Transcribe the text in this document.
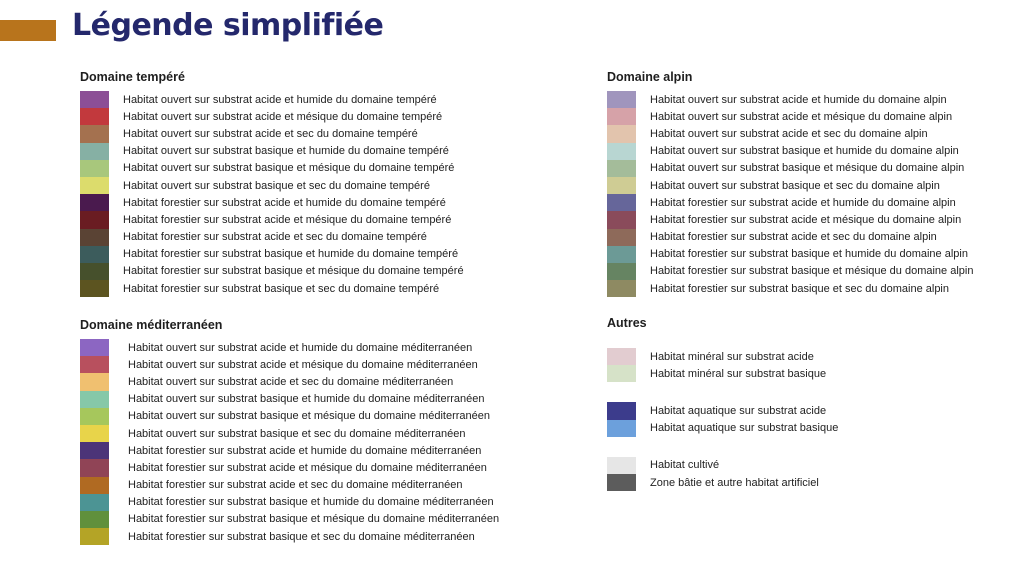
Légende simplifiée
Domaine tempéré
Habitat ouvert sur substrat acide et humide du domaine tempéré
Habitat ouvert sur substrat acide et mésique du domaine tempéré
Habitat ouvert sur substrat acide et sec du domaine tempéré
Habitat ouvert sur substrat basique et humide du domaine tempéré
Habitat ouvert sur substrat basique et mésique du domaine tempéré
Habitat ouvert sur substrat basique et sec du domaine tempéré
Habitat forestier sur substrat acide et humide du domaine tempéré
Habitat forestier sur substrat acide et mésique du domaine tempéré
Habitat forestier sur substrat acide et sec du domaine tempéré
Habitat forestier sur substrat basique et humide du domaine tempéré
Habitat forestier sur substrat basique et mésique du domaine tempéré
Habitat forestier sur substrat basique et sec du domaine tempéré
Domaine alpin
Habitat ouvert sur substrat acide et humide du domaine alpin
Habitat ouvert sur substrat acide et mésique du domaine alpin
Habitat ouvert sur substrat acide et sec du domaine alpin
Habitat ouvert sur substrat basique et humide du domaine alpin
Habitat ouvert sur substrat basique et mésique du domaine alpin
Habitat ouvert sur substrat basique et sec du domaine alpin
Habitat forestier sur substrat acide et humide du domaine alpin
Habitat forestier sur substrat acide et mésique du domaine alpin
Habitat forestier sur substrat acide et sec du domaine alpin
Habitat forestier sur substrat basique et humide du domaine alpin
Habitat forestier sur substrat basique et mésique du domaine alpin
Habitat forestier sur substrat basique et sec du domaine alpin
Domaine méditerranéen
Habitat ouvert sur substrat acide et humide du domaine méditerranéen
Habitat ouvert sur substrat acide et mésique du domaine méditerranéen
Habitat ouvert sur substrat acide et sec du domaine méditerranéen
Habitat ouvert sur substrat basique et humide du domaine méditerranéen
Habitat ouvert sur substrat basique et mésique du domaine méditerranéen
Habitat ouvert sur substrat basique et sec du domaine méditerranéen
Habitat forestier sur substrat acide et humide du domaine méditerranéen
Habitat forestier sur substrat acide et mésique du domaine méditerranéen
Habitat forestier sur substrat acide et sec du domaine méditerranéen
Habitat forestier sur substrat basique et humide du domaine méditerranéen
Habitat forestier sur substrat basique et mésique du domaine méditerranéen
Habitat forestier sur substrat basique et sec du domaine méditerranéen
Autres
Habitat minéral sur substrat acide
Habitat minéral sur substrat basique
Habitat aquatique sur substrat acide
Habitat aquatique sur substrat basique
Habitat cultivé
Zone bâtie et autre habitat artificiel
